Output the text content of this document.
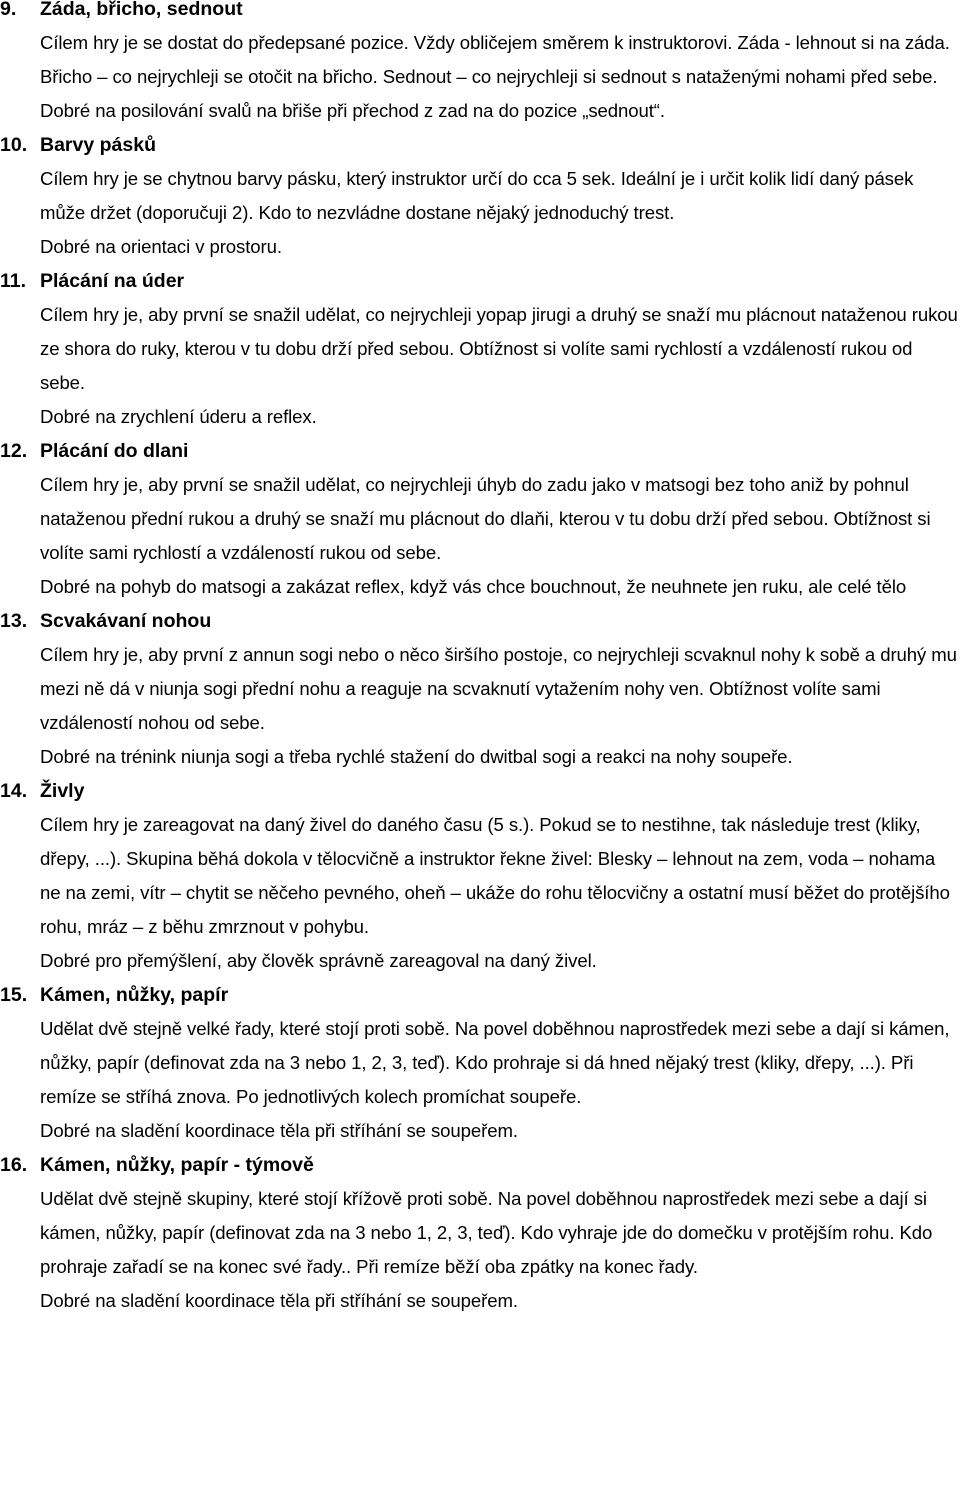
9.	Záda, břicho, sednout

Cílem hry je se dostat do předepsané pozice. Vždy obličejem směrem k instruktorovi. Záda - lehnout si na záda. Břicho – co nejrychleji se otočit na břicho. Sednout – co nejrychleji si sednout s nataženými nohami před sebe.

Dobré na posilování svalů na břiše při přechod z zad na do pozice „sednout“.

10. Barvy pásků

Cílem hry je se chytnou barvy pásku, který instruktor určí do cca 5 sek. Ideální je i určit kolik lidí daný pásek může držet (doporučuji 2). Kdo to nezvládne dostane nějaký jednoduchý trest.

Dobré na orientaci v prostoru.

11. Plácání na úder

Cílem hry je, aby první se snažil udělat, co nejrychleji yopap jirugi a druhý se snaží mu plácnout nataženou rukou ze shora do ruky, kterou v tu dobu drží před sebou. Obtížnost si volíte sami rychlostí a vzdáleností rukou od sebe.

Dobré na zrychlení úderu a reflex.

12. Plácání do dlani

Cílem hry je, aby první se snažil udělat, co nejrychleji úhyb do zadu jako v matsogi bez toho aniž by pohnul nataženou přední rukou a druhý se snaží mu plácnout do dlaňi, kterou v tu dobu drží před sebou. Obtížnost si volíte sami rychlostí a vzdáleností rukou od sebe.

Dobré na pohyb do matsogi a zakázat reflex, když vás chce bouchnout, že neuhnete jen ruku, ale celé tělo

13. Scvakávaní nohou

Cílem hry je, aby první z annun sogi nebo o něco širšího postoje, co nejrychleji scvaknul nohy k sobě a druhý mu mezi ně dá v niunja sogi přední nohu a reaguje na scvaknutí vytažením nohy ven. Obtížnost volíte sami vzdáleností nohou od sebe.

Dobré na trénink niunja sogi a třeba rychlé stažení do dwitbal sogi a reakci na nohy soupeře.

14. Živly

Cílem hry je zareagovat na daný živel do daného času (5 s.). Pokud se to nestihne, tak následuje trest (kliky, dřepy, ...). Skupina běhá dokola v tělocvičně a instruktor řekne živel: Blesky – lehnout na zem, voda – nohama ne na zemi, vítr – chytit se něčeho pevného, oheň – ukáže do rohu tělocvičny a ostatní musí běžet do protějšího rohu, mráz – z běhu zmrznout v pohybu.

Dobré pro přemýšlení, aby člověk správně zareagoval na daný živel.

15. Kámen, nůžky, papír

Udělat dvě stejně velké řady, které stojí proti sobě. Na povel doběhnou naprostředek mezi sebe a dají si kámen, nůžky, papír (definovat zda na 3 nebo 1, 2, 3, teď). Kdo prohraje si dá hned nějaký trest (kliky, dřepy, ...). Při remíze se stříhá znova. Po jednotlivých kolech promíchat soupeře.

Dobré na sladění koordinace těla při stříhání se soupeřem.

16. Kámen, nůžky, papír - týmově

Udělat dvě stejně skupiny, které stojí křížově proti sobě. Na povel doběhnou naprostředek mezi sebe a dají si kámen, nůžky, papír (definovat zda na 3 nebo 1, 2, 3, teď). Kdo vyhraje jde do domečku v protějším rohu. Kdo prohraje zařadí se na konec své řady.. Při remíze běží oba zpátky na konec řady.

Dobré na sladění koordinace těla při stříhání se soupeřem.
